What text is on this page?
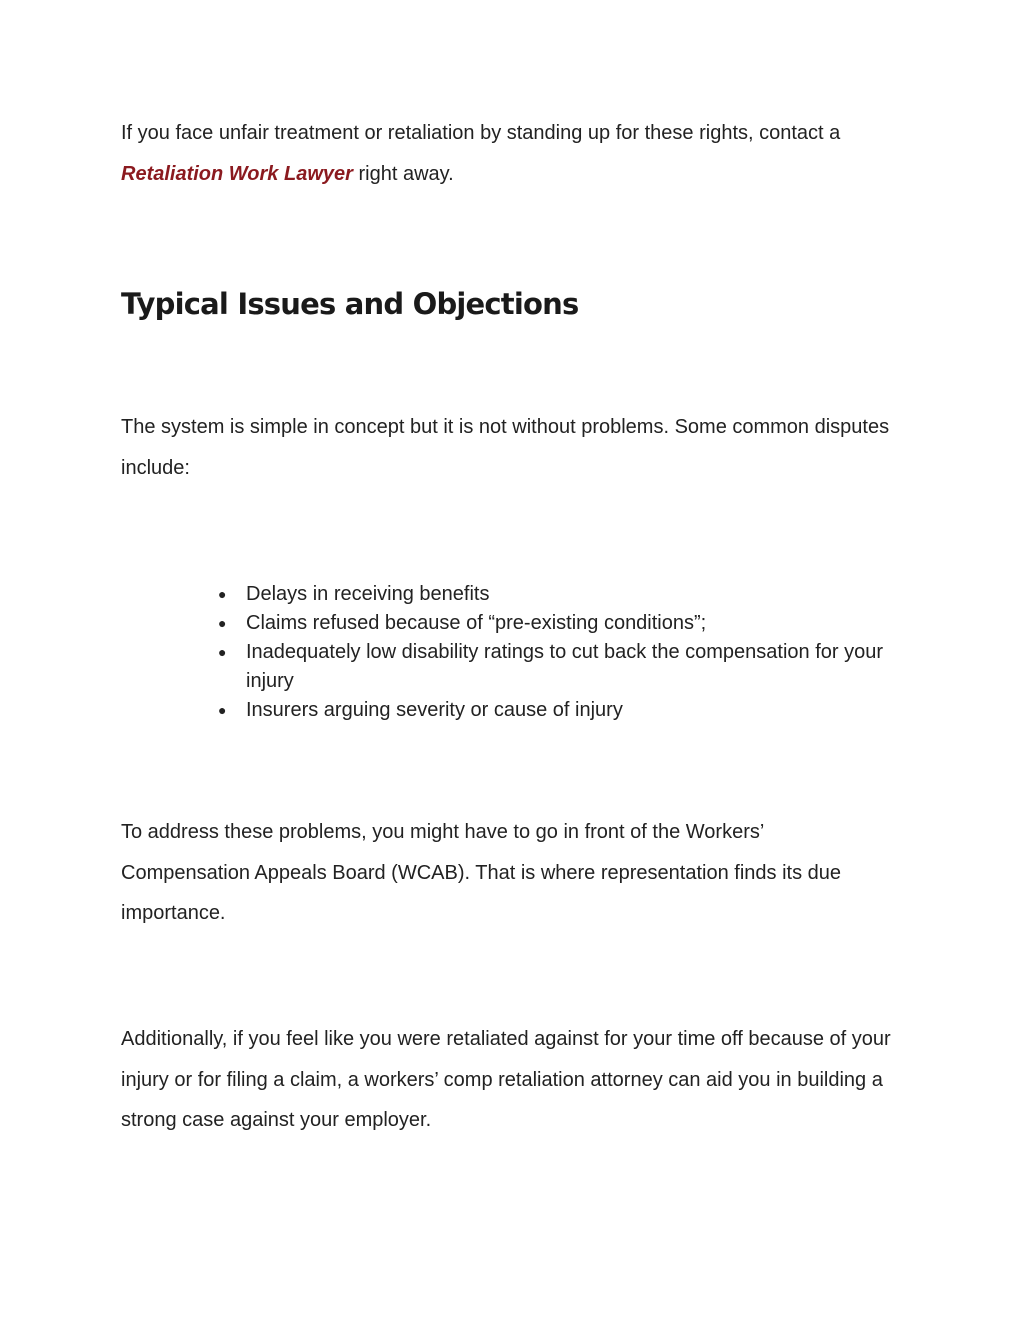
If you face unfair treatment or retaliation by standing up for these rights, contact a
Retaliation Work Lawyer right away.

Typical Issues and Objections

The system is simple in concept but it is not without problems. Some common disputes include:

● Delays in receiving benefits
● Claims refused because of “pre-existing conditions”;
● Inadequately low disability ratings to cut back the compensation for your injury
● Insurers arguing severity or cause of injury

To address these problems, you might have to go in front of the Workers’ Compensation Appeals Board (WCAB). That is where representation finds its due importance.

Additionally, if you feel like you were retaliated against for your time off because of your injury or for filing a claim, a workers’ comp retaliation attorney can aid you in building a strong case against your employer.
